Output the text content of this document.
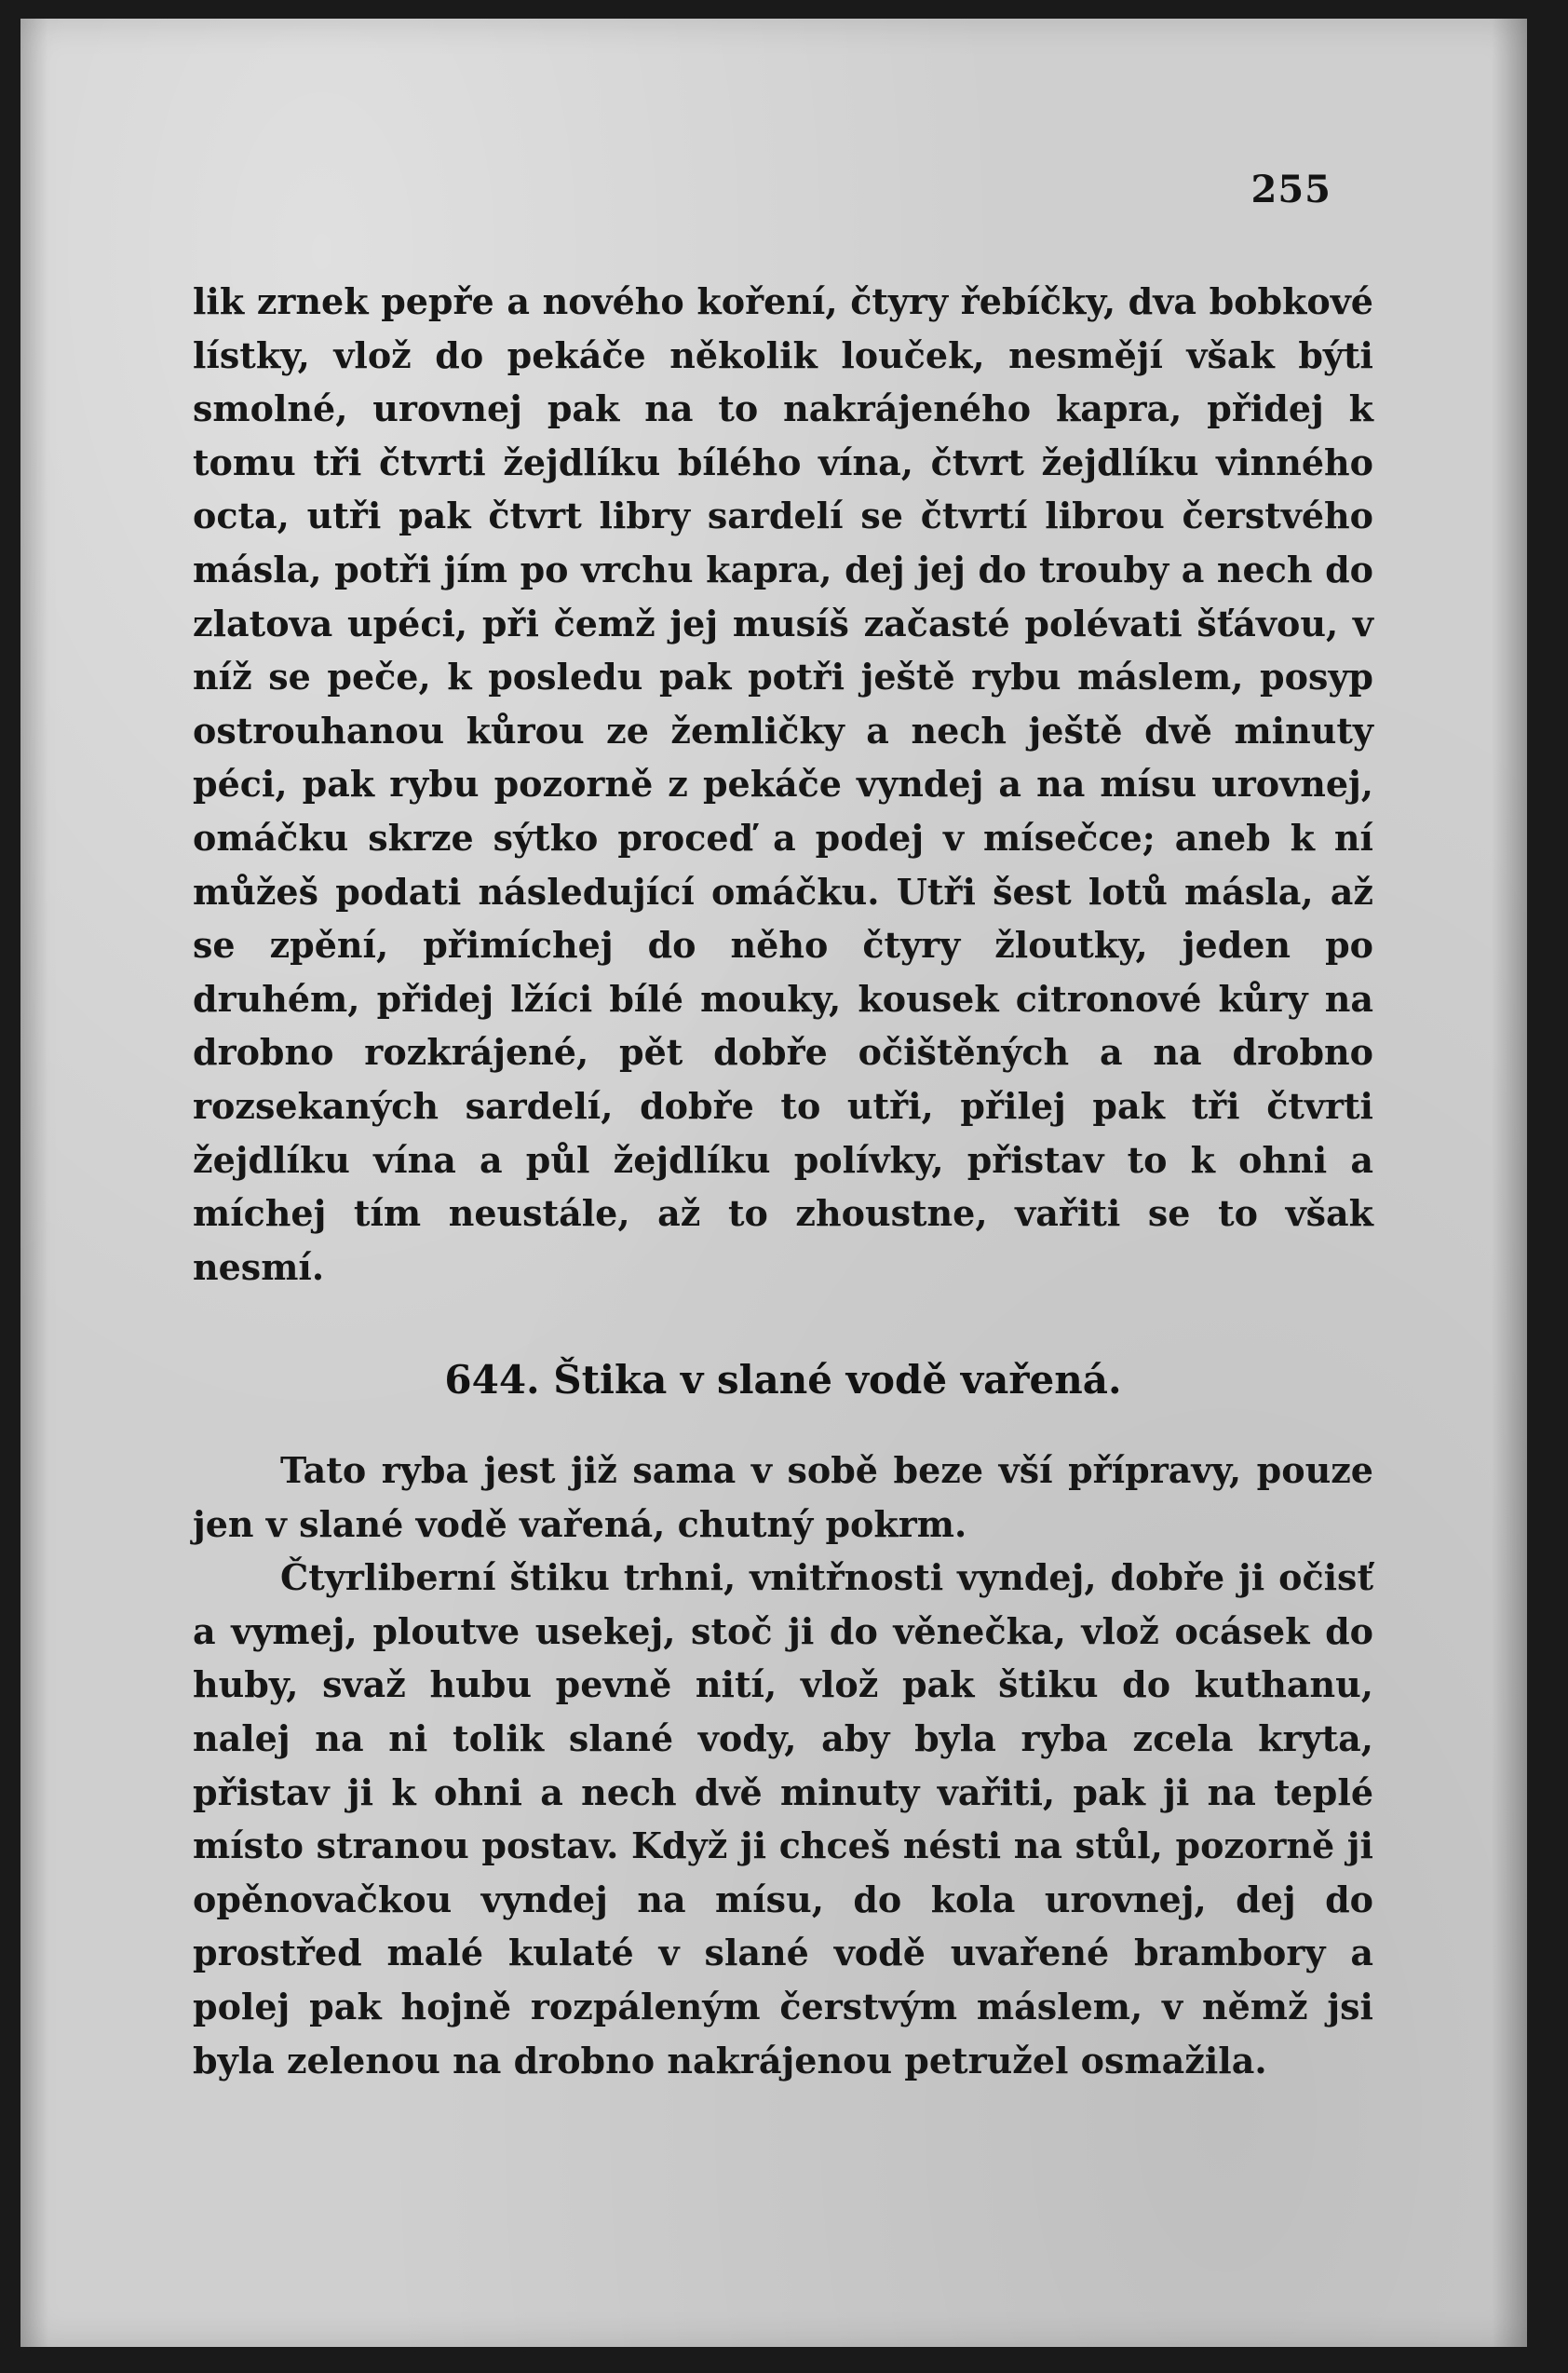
255

lik zrnek pepře a nového koření, čtyry řebíčky, dva bobkové lístky, vlož do pekáče několik louček, nesmějí však býti smolné, urovnej pak na to nakrájeného kapra, přidej k tomu tři čtvrti žejdlíku bílého vína, čtvrt žejdlíku vinného octa, utři pak čtvrt libry sardelí se čtvrtí librou čerstvého másla, potři jím po vrchu kapra, dej jej do trouby a nech do zlatova upéci, při čemž jej musíš začasté polévati šťávou, v níž se peče, k posledu pak potři ještě rybu máslem, posyp ostrouhanou kůrou ze žemličky a nech ještě dvě minuty péci, pak rybu pozorně z pekáče vyndej a na mísu urovnej, omáčku skrze sýtko proceď a podej v mísečce; aneb k ní můžeš podati následující omáčku. Utři šest lotů másla, až se zpění, přimíchej do něho čtyry žloutky, jeden po druhém, přidej lžíci bílé mouky, kousek citronové kůry na drobno rozkrájené, pět dobře očištěných a na drobno rozsekaných sardelí, dobře to utři, přilej pak tři čtvrti žejdlíku vína a půl žejdlíku polívky, přistav to k ohni a míchej tím neustále, až to zhoustne, vařiti se to však nesmí.

644. Štika v slané vodě vařená.

Tato ryba jest již sama v sobě beze vší přípravy, pouze jen v slané vodě vařená, chutný pokrm.

Čtyrliberní štiku trhni, vnitřnosti vyndej, dobře ji očisť a vymej, ploutve usekej, stoč ji do věnečka, vlož ocásek do huby, svaž hubu pevně nití, vlož pak štiku do kuthanu, nalej na ni tolik slané vody, aby byla ryba zcela kryta, přistav ji k ohni a nech dvě minuty vařiti, pak ji na teplé místo stranou postav. Když ji chceš nésti na stůl, pozorně ji opěnovačkou vyndej na mísu, do kola urovnej, dej do prostřed malé kulaté v slané vodě uvařené brambory a polej pak hojně rozpáleným čerstvým máslem, v němž jsi byla zelenou na drobno nakrájenou petružel osmažila.
